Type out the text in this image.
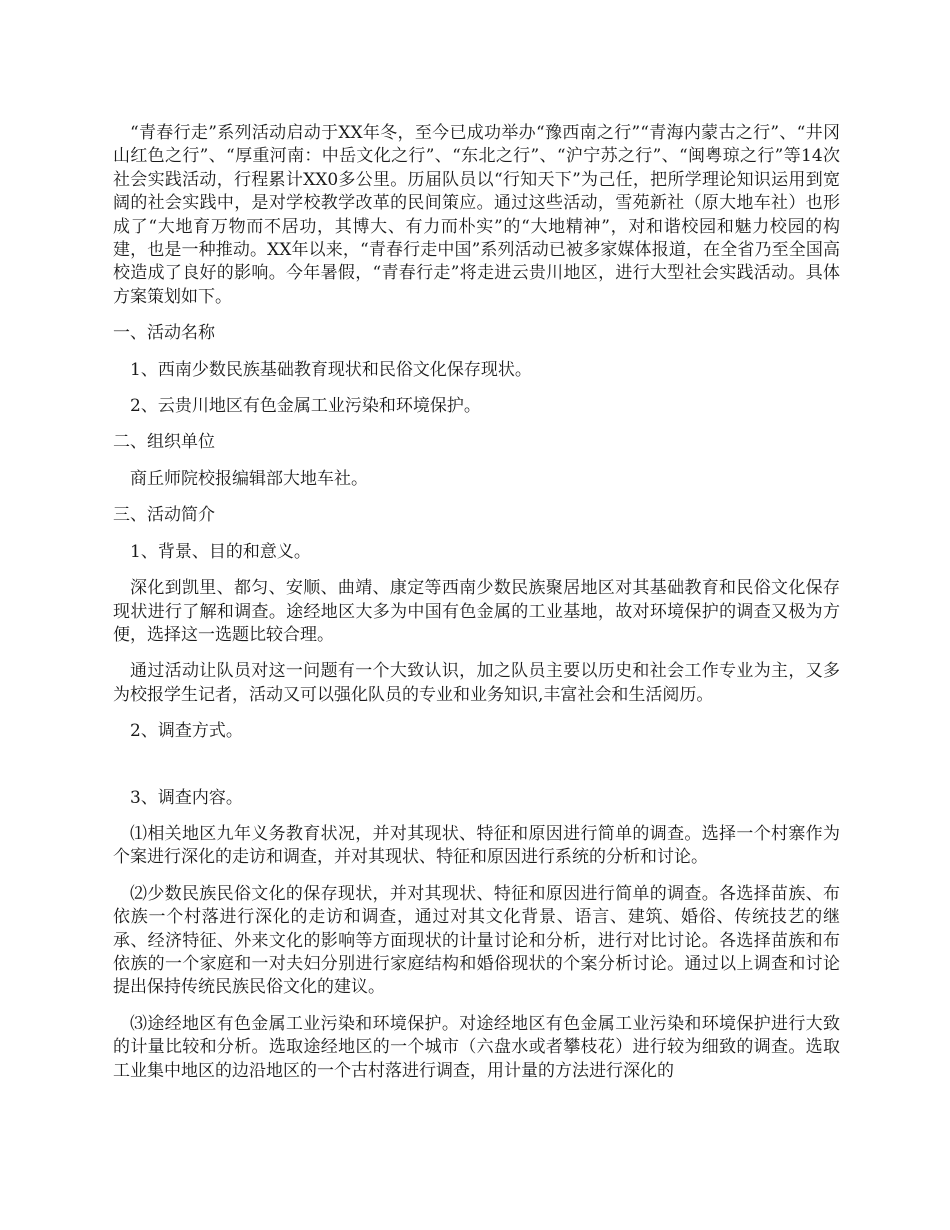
“青春行走”系列活动启动于XX年冬，至今已成功举办“豫西南之行”“青海内蒙古之行”、“井冈山红色之行”、“厚重河南：中岳文化之行”、“东北之行”、“沪宁苏之行”、“闽粤琼之行”等14次社会实践活动，行程累计XX0多公里。历届队员以“行知天下”为己任，把所学理论知识运用到宽阔的社会实践中，是对学校教学改革的民间策应。通过这些活动，雪苑新社（原大地车社）也形成了“大地育万物而不居功，其博大、有力而朴实”的“大地精神”，对和谐校园和魅力校园的构建，也是一种推动。XX年以来，“青春行走中国”系列活动已被多家媒体报道，在全省乃至全国高校造成了良好的影响。今年暑假，“青春行走”将走进云贵川地区，进行大型社会实践活动。具体方案策划如下。

一、活动名称

1、西南少数民族基础教育现状和民俗文化保存现状。

2、云贵川地区有色金属工业污染和环境保护。

二、组织单位

商丘师院校报编辑部大地车社。

三、活动简介

1、背景、目的和意义。

深化到凯里、都匀、安顺、曲靖、康定等西南少数民族聚居地区对其基础教育和民俗文化保存现状进行了解和调查。途经地区大多为中国有色金属的工业基地，故对环境保护的调查又极为方便，选择这一选题比较合理。

通过活动让队员对这一问题有一个大致认识，加之队员主要以历史和社会工作专业为主，又多为校报学生记者，活动又可以强化队员的专业和业务知识,丰富社会和生活阅历。

2、调查方式。

3、调查内容。

⑴相关地区九年义务教育状况，并对其现状、特征和原因进行简单的调查。选择一个村寨作为个案进行深化的走访和调查，并对其现状、特征和原因进行系统的分析和讨论。

⑵少数民族民俗文化的保存现状，并对其现状、特征和原因进行简单的调查。各选择苗族、布依族一个村落进行深化的走访和调查，通过对其文化背景、语言、建筑、婚俗、传统技艺的继承、经济特征、外来文化的影响等方面现状的计量讨论和分析，进行对比讨论。各选择苗族和布依族的一个家庭和一对夫妇分别进行家庭结构和婚俗现状的个案分析讨论。通过以上调查和讨论提出保持传统民族民俗文化的建议。

⑶途经地区有色金属工业污染和环境保护。对途经地区有色金属工业污染和环境保护进行大致的计量比较和分析。选取途经地区的一个城市（六盘水或者攀枝花）进行较为细致的调查。选取工业集中地区的边沿地区的一个古村落进行调查，用计量的方法进行深化的
